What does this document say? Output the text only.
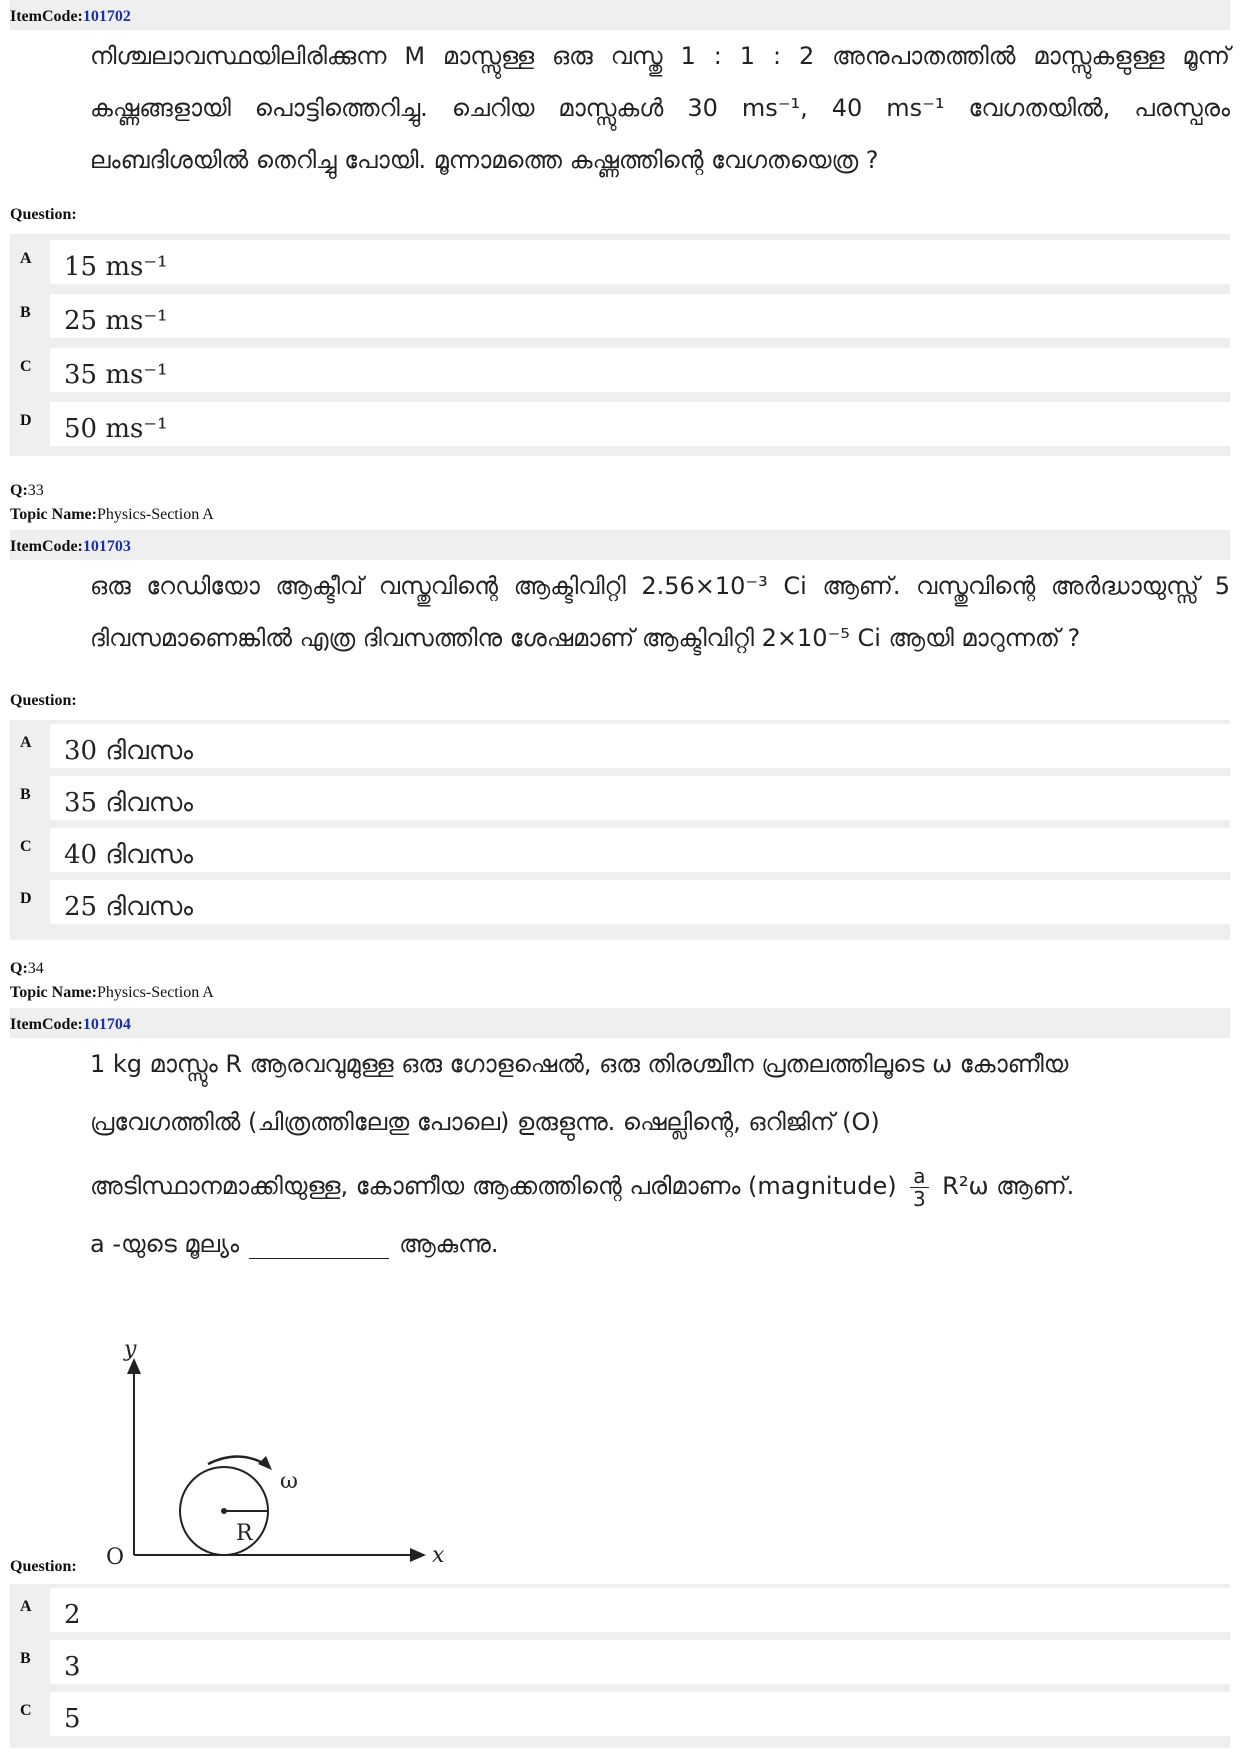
ItemCode:101702
നിശ്ചലാവസ്ഥയിലിരിക്കുന്ന M മാസ്സുള്ള ഒരു വസ്തു 1 : 1 : 2 അനുപാതത്തിൽ മാസ്സുകളുള്ള മൂന്ന് കഷ്ണങ്ങളായി പൊട്ടിത്തെറിച്ചു. ചെറിയ മാസ്സുകൾ 30 ms⁻¹, 40 ms⁻¹ വേഗതയിൽ, പരസ്പരം ലംബദിശയിൽ തെറിച്ചു പോയി. മൂന്നാമത്തെ കഷ്ണത്തിന്റെ വേഗതയെത്ര ?
Question:
A	15 ms⁻¹
B	25 ms⁻¹
C	35 ms⁻¹
D	50 ms⁻¹
Q:33
Topic Name:Physics-Section A
ItemCode:101703
ഒരു റേഡിയോ ആക്ടീവ് വസ്തുവിന്റെ ആക്ടിവിറ്റി 2.56×10⁻³ Ci ആണ്. വസ്തുവിന്റെ അർദ്ധായുസ്സ് 5 ദിവസമാണെങ്കിൽ എത്ര ദിവസത്തിനു ശേഷമാണ് ആക്ടിവിറ്റി 2×10⁻⁵ Ci ആയി മാറുന്നത് ?
Question:
A	30 ദിവസം
B	35 ദിവസം
C	40 ദിവസം
D	25 ദിവസം
Q:34
Topic Name:Physics-Section A
ItemCode:101704
1 kg മാസ്സും R ആരവവുമുള്ള ഒരു ഗോളഷെൽ, ഒരു തിരശ്ചീന പ്രതലത്തിലൂടെ ω കോണീയ
പ്രവേഗത്തിൽ (ചിത്രത്തിലേതു പോലെ) ഉരുളുന്നു. ഷെല്ലിന്റെ, ഒറിജിന് (O)
അടിസ്ഥാനമാക്കിയുള്ള, കോണീയ ആക്കത്തിന്റെ പരിമാണം (magnitude) $\frac{a}{3} R^2\omega$ ആണ്.
a -യുടെ മൂല്യം	ആകുന്നു.
y
x
O
R
ω
Question:
A	2
B	3
C	5
